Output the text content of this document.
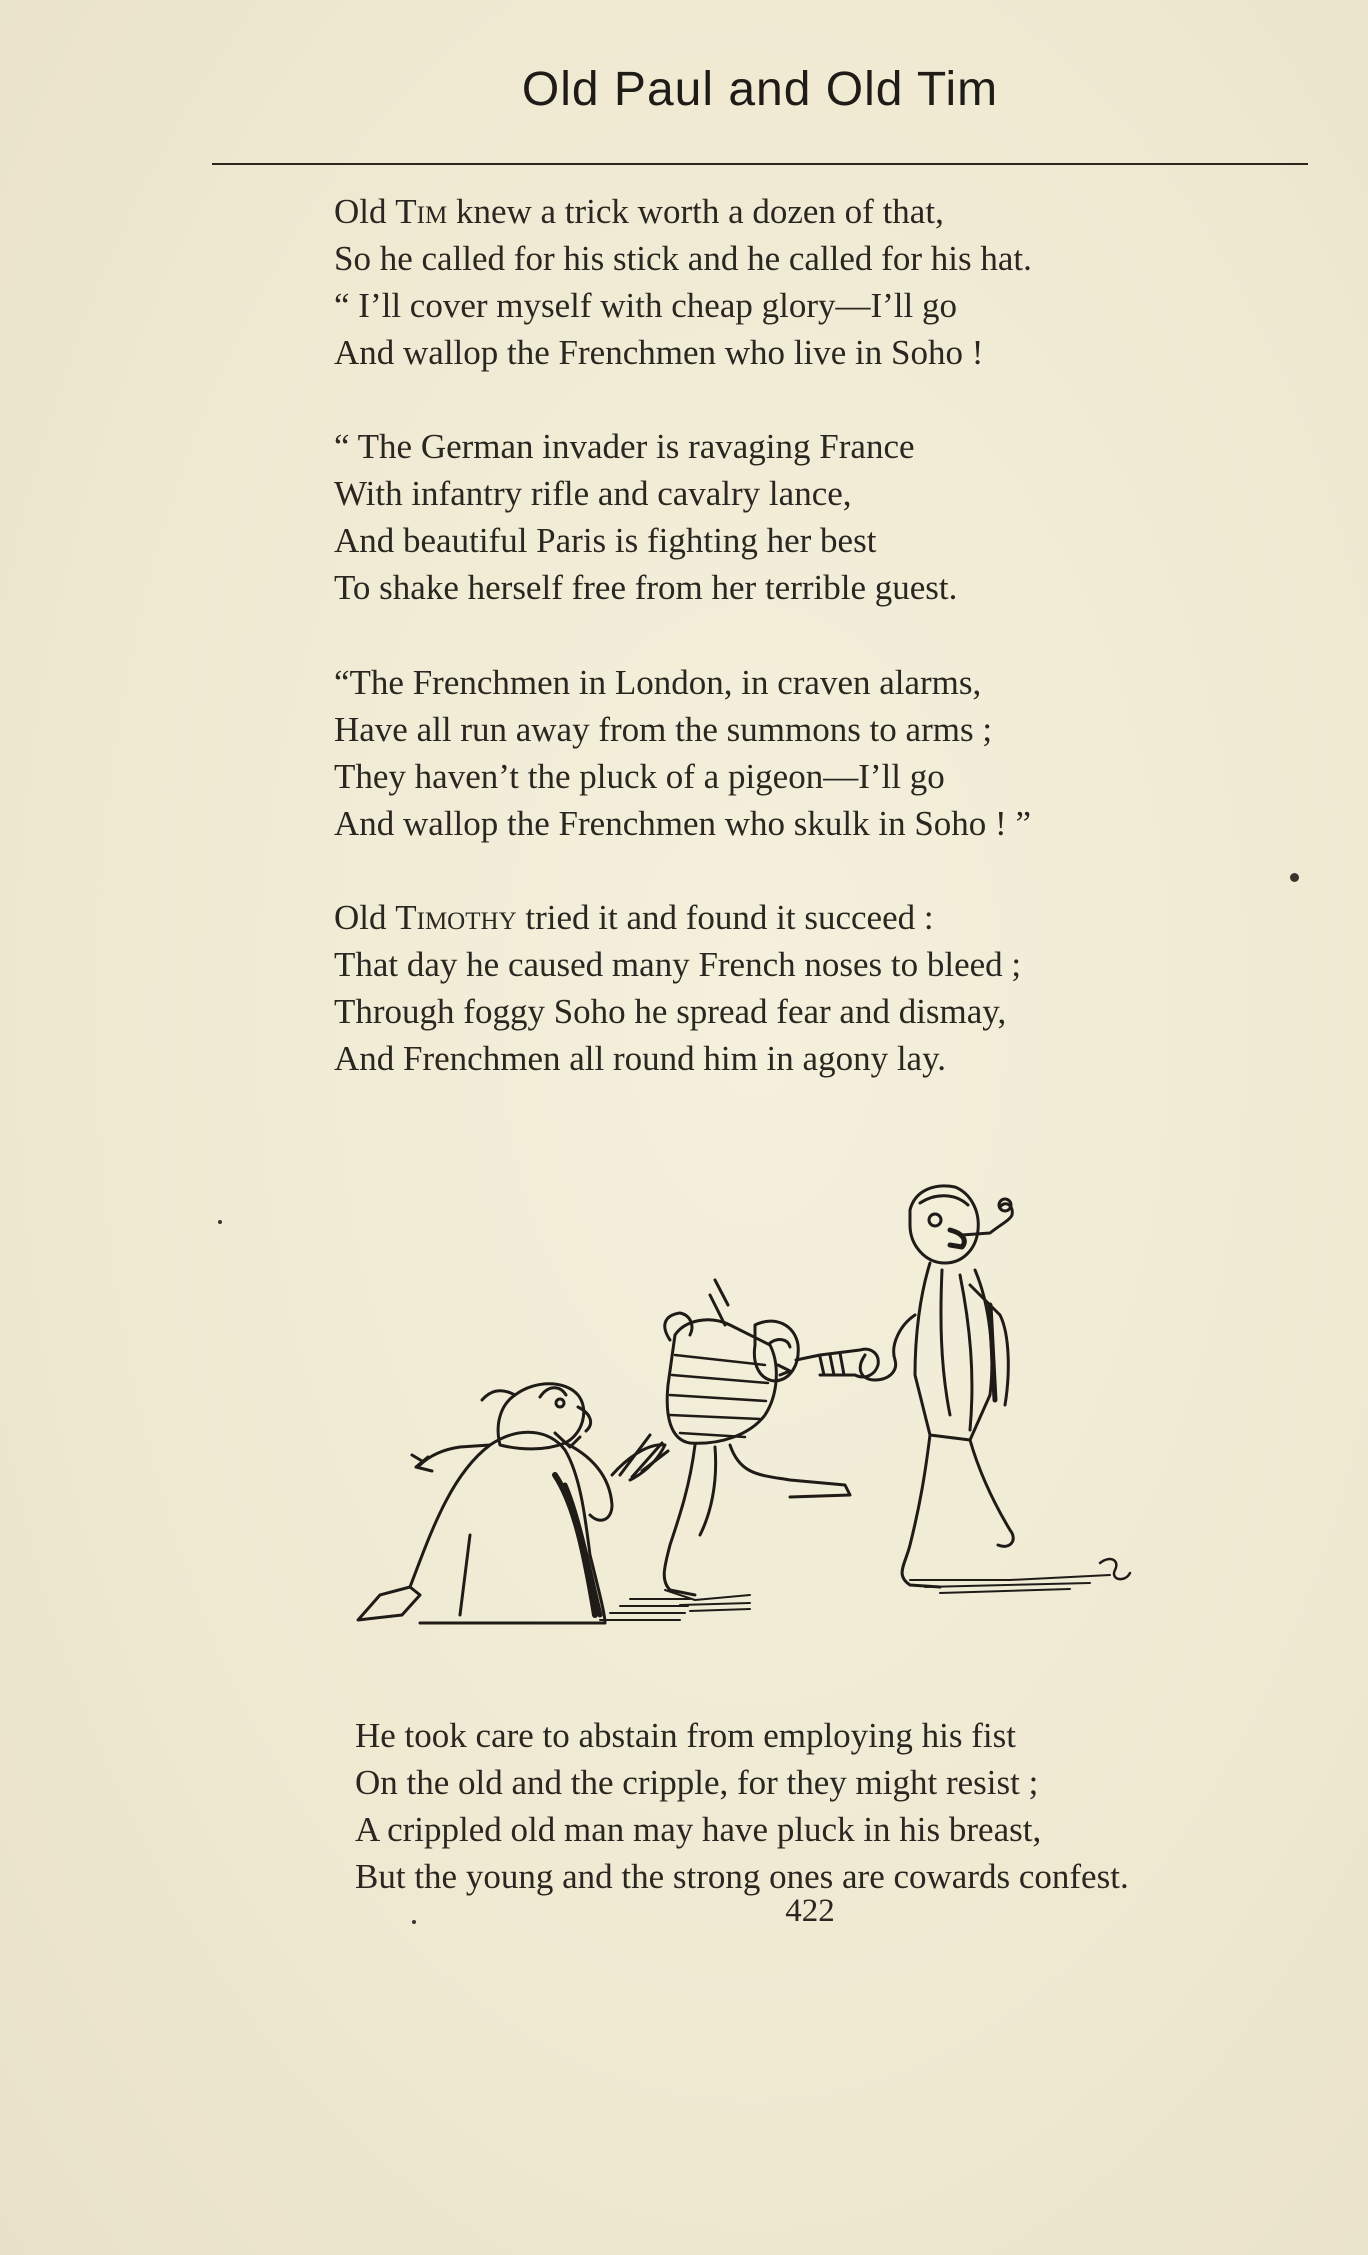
Old Paul and Old Tim
Old Tim knew a trick worth a dozen of that,
So he called for his stick and he called for his hat.
“ I’ll cover myself with cheap glory—I’ll go
And wallop the Frenchmen who live in Soho !
“ The German invader is ravaging France
With infantry rifle and cavalry lance,
And beautiful Paris is fighting her best
To shake herself free from her terrible guest.
“The Frenchmen in London, in craven alarms,
Have all run away from the summons to arms ;
They haven’t the pluck of a pigeon—I’ll go
And wallop the Frenchmen who skulk in Soho ! ”
Old Timothy tried it and found it succeed :
That day he caused many French noses to bleed ;
Through foggy Soho he spread fear and dismay,
And Frenchmen all round him in agony lay.
He took care to abstain from employing his fist
On the old and the cripple, for they might resist ;
A crippled old man may have pluck in his breast,
But the young and the strong ones are cowards confest.
422
